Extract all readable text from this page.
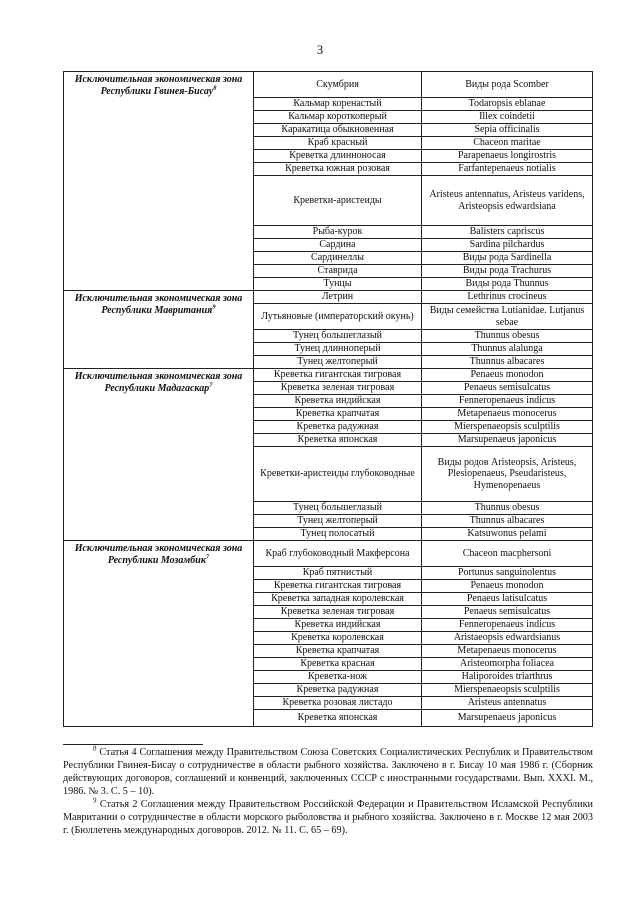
3
Исключительная экономическая зона Республики Гвинея-Бисау$^8$	Скумбрия	Виды рода Scomber
	Кальмар коренастый	Todaropsis eblanae
	Кальмар короткоперый	Illex coindetii
	Каракатица обыкновенная	Sepia officinalis
	Краб красный	Chaceon maritae
	Креветка длинноносая	Parapenaeus longirostris
	Креветка южная розовая	Farfantepenaeus notialis
	Креветки-аристеиды	Aristeus antennatus, Aristeus varidens, Aristeopsis edwardsiana
	Рыба-курок	Balisters capriscus
	Сардина	Sardina pilchardus
	Сардинеллы	Виды рода Sardinella
	Ставрида	Виды рода Trachurus
	Тунцы	Виды рода Thunnus
Исключительная экономическая зона Республики Мавритания$^9$	Летрин	Lethrinus crocineus
	Лутьяновые (императорский окунь)	Виды семейства Lutianidae. Lutjanus sebae
	Тунец большеглазый	Thunnus obesus
	Тунец длинноперый	Thunnus alalunga
	Тунец желтоперый	Thunnus albacares
Исключительная экономическая зона Республики Мадагаскар$^7$	Креветка гигантская тигровая	Penaeus monodon
	Креветка зеленая тигровая	Penaeus semisulcatus
	Креветка индийская	Fenneropenaeus indicus
	Креветка крапчатая	Metapenaeus monocerus
	Креветка радужная	Mierspenaeopsis sculptilis
	Креветка японская	Marsupenaeus japonicus
	Креветки-аристеиды глубоководные	Виды родов Aristeopsis, Aristeus, Plesiopenaeus, Pseudaristeus, Hymenopenaeus
	Тунец большеглазый	Thunnus obesus
	Тунец желтоперый	Thunnus albacares
	Тунец полосатый	Katsuwonus pelami
Исключительная экономическая зона Республики Мозамбик$^7$	Краб глубоководный Макферсона	Chaceon macphersoni
	Краб пятнистый	Portunus sanguinolentus
	Креветка гигантская тигровая	Penaeus monodon
	Креветка западная королевская	Penaeus latisulcatus
	Креветка зеленая тигровая	Penaeus semisulcatus
	Креветка индийская	Fenneropenaeus indicus
	Креветка королевская	Aristaeopsis edwardsianus
	Креветка крапчатая	Metapenaeus monocerus
	Креветка красная	Aristeomorpha foliacea
	Креветка-нож	Haliporoides triarthrus
	Креветка радужная	Mierspenaeopsis sculptilis
	Креветка розовая листадо	Aristeus antennatus
	Креветка японская	Marsupenaeus japonicus

$^8$ Статья 4 Соглашения между Правительством Союза Советских Социалистических Республик и Правительством Республики Гвинея-Бисау о сотрудничестве в области рыбного хозяйства. Заключено в г. Бисау 10 мая 1986 г. (Сборник действующих договоров, соглашений и конвенций, заключенных СССР с иностранными государствами. Вып. XXXI. М., 1986. № 3. С. 5 – 10).

$^9$ Статья 2 Соглашения между Правительством Российской Федерации и Правительством Исламской Республики Мавритании о сотрудничестве в области морского рыболовства и рыбного хозяйства. Заключено в г. Москве 12 мая 2003 г. (Бюллетень международных договоров. 2012. № 11. С. 65 – 69).
